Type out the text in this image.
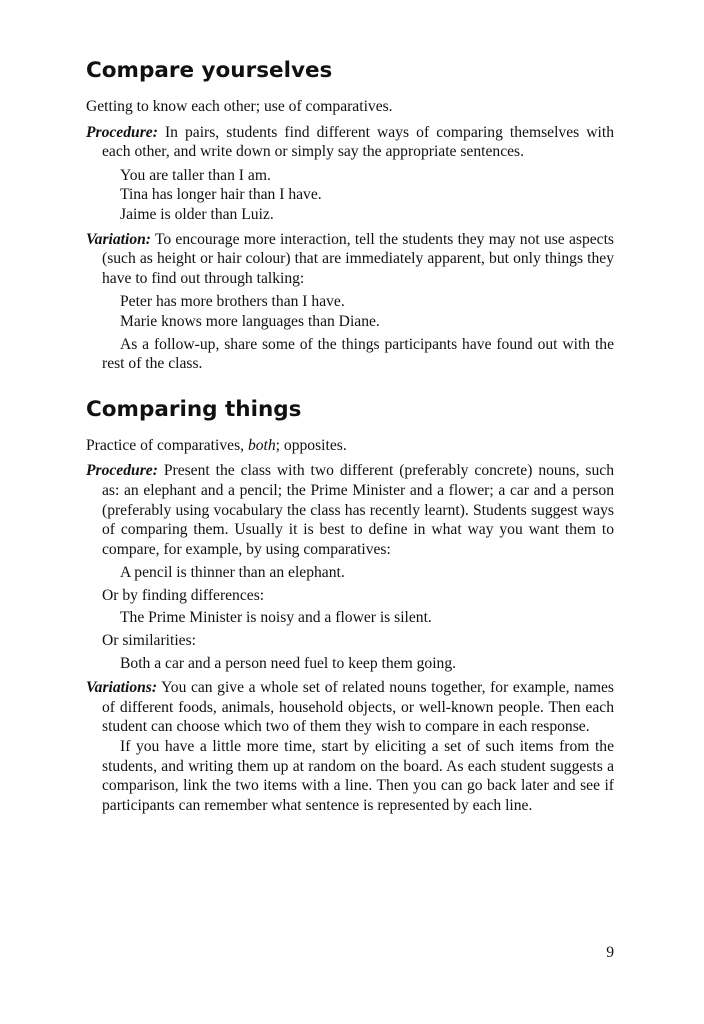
Compare yourselves

Getting to know each other; use of comparatives.

Procedure: In pairs, students find different ways of comparing themselves with each other, and write down or simply say the appropriate sentences.

You are taller than I am.

Tina has longer hair than I have.

Jaime is older than Luiz.

Variation: To encourage more interaction, tell the students they may not use aspects (such as height or hair colour) that are immediately apparent, but only things they have to find out through talking:

Peter has more brothers than I have.

Marie knows more languages than Diane.

As a follow-up, share some of the things participants have found out with the rest of the class.

Comparing things

Practice of comparatives, both; opposites.

Procedure: Present the class with two different (preferably concrete) nouns, such as: an elephant and a pencil; the Prime Minister and a flower; a car and a person (preferably using vocabulary the class has recently learnt). Students suggest ways of comparing them. Usually it is best to define in what way you want them to compare, for example, by using comparatives:

A pencil is thinner than an elephant.

Or by finding differences:

The Prime Minister is noisy and a flower is silent.

Or similarities:

Both a car and a person need fuel to keep them going.

Variations: You can give a whole set of related nouns together, for example, names of different foods, animals, household objects, or well-known people. Then each student can choose which two of them they wish to compare in each response.

If you have a little more time, start by eliciting a set of such items from the students, and writing them up at random on the board. As each student suggests a comparison, link the two items with a line. Then you can go back later and see if participants can remember what sentence is represented by each line.

9
